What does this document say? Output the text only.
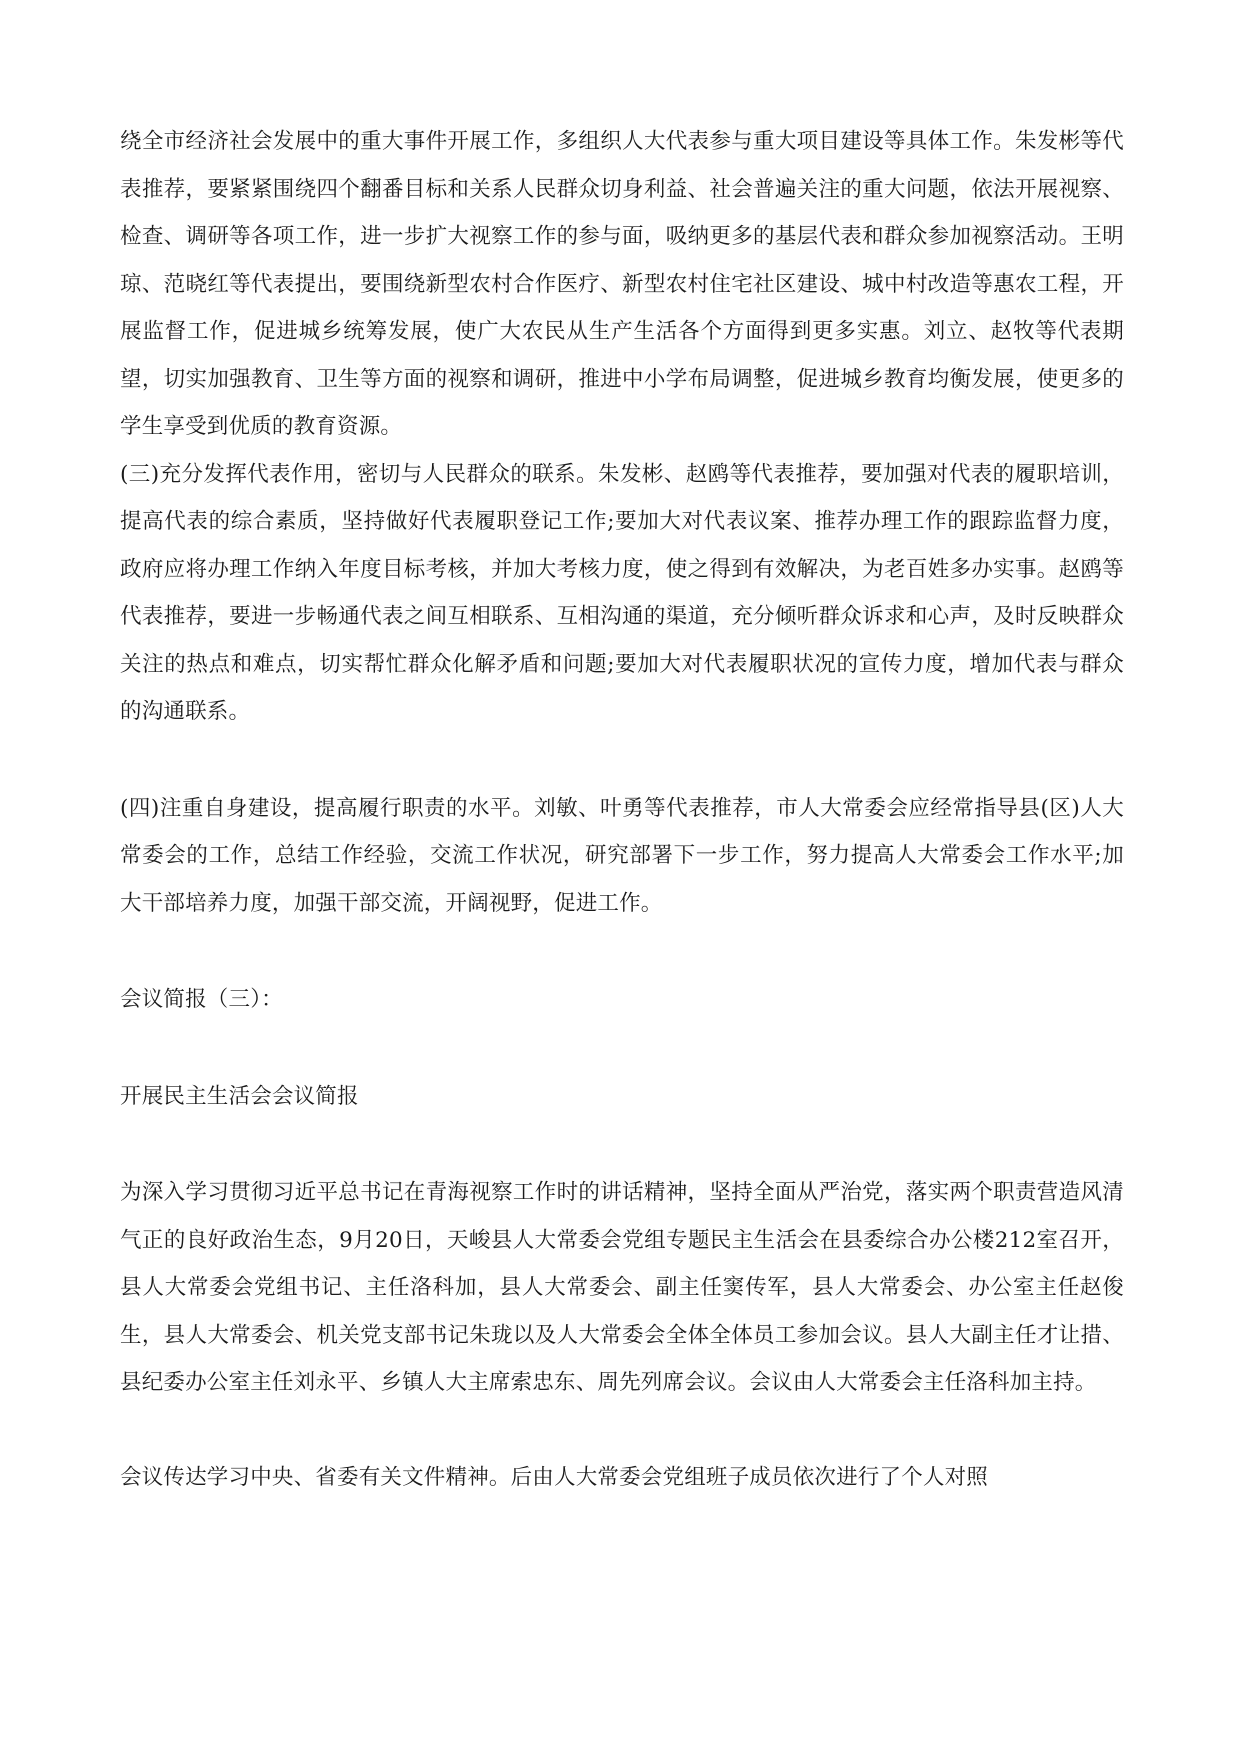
绕全市经济社会发展中的重大事件开展工作，多组织人大代表参与重大项目建设等具体工作。朱发彬等代表推荐，要紧紧围绕四个翻番目标和关系人民群众切身利益、社会普遍关注的重大问题，依法开展视察、检查、调研等各项工作，进一步扩大视察工作的参与面，吸纳更多的基层代表和群众参加视察活动。王明琼、范晓红等代表提出，要围绕新型农村合作医疗、新型农村住宅社区建设、城中村改造等惠农工程，开展监督工作，促进城乡统筹发展，使广大农民从生产生活各个方面得到更多实惠。刘立、赵牧等代表期望，切实加强教育、卫生等方面的视察和调研，推进中小学布局调整，促进城乡教育均衡发展，使更多的学生享受到优质的教育资源。

(三)充分发挥代表作用，密切与人民群众的联系。朱发彬、赵鸥等代表推荐，要加强对代表的履职培训，提高代表的综合素质，坚持做好代表履职登记工作;要加大对代表议案、推荐办理工作的跟踪监督力度，政府应将办理工作纳入年度目标考核，并加大考核力度，使之得到有效解决，为老百姓多办实事。赵鸥等代表推荐，要进一步畅通代表之间互相联系、互相沟通的渠道，充分倾听群众诉求和心声，及时反映群众关注的热点和难点，切实帮忙群众化解矛盾和问题;要加大对代表履职状况的宣传力度，增加代表与群众的沟通联系。

(四)注重自身建设，提高履行职责的水平。刘敏、叶勇等代表推荐，市人大常委会应经常指导县(区)人大常委会的工作，总结工作经验，交流工作状况，研究部署下一步工作，努力提高人大常委会工作水平;加大干部培养力度，加强干部交流，开阔视野，促进工作。

会议简报（三）：

开展民主生活会会议简报

为深入学习贯彻习近平总书记在青海视察工作时的讲话精神，坚持全面从严治党，落实两个职责营造风清气正的良好政治生态，9月20日，天峻县人大常委会党组专题民主生活会在县委综合办公楼212室召开，县人大常委会党组书记、主任洛科加，县人大常委会、副主任窦传军，县人大常委会、办公室主任赵俊生，县人大常委会、机关党支部书记朱珑以及人大常委会全体全体员工参加会议。县人大副主任才让措、县纪委办公室主任刘永平、乡镇人大主席索忠东、周先列席会议。会议由人大常委会主任洛科加主持。

会议传达学习中央、省委有关文件精神。后由人大常委会党组班子成员依次进行了个人对照
